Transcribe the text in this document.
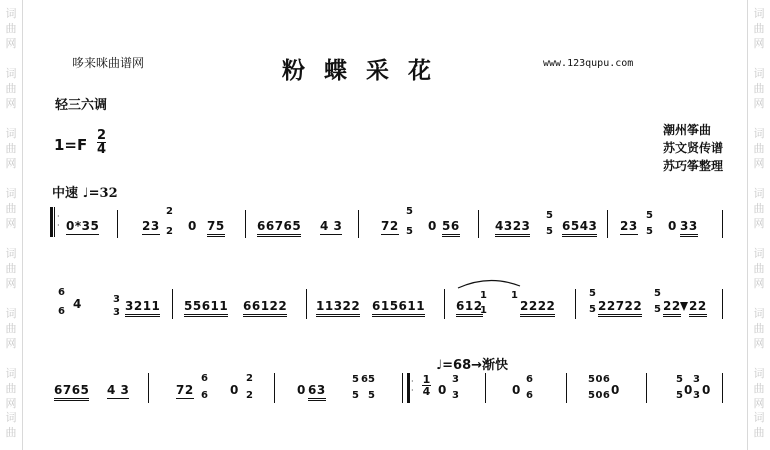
词
曲
网
词
曲
网
词
曲
网
词
曲
网
词
曲
网
词
曲
网
词
曲
网
词
曲
词
曲
网
词
曲
网
词
曲
网
词
曲
网
词
曲
网
词
曲
网
词
曲
网
词
曲
哆来咪曲谱网	粉蝶采花	www.123qupu.com
轻三六调
1=F
2
4
潮州筝曲
苏文贤传谱
苏巧筝整理
中速 ♩=32
·
· 0*35	23
2
2 0 75	66765 4 3	72
5
5 0 56	4323
5
5 6543 23
5
5 0 33
6
6
4	3
3 3211 55611 66122 11322 615611	612
1
1
1
2222
5
5 22722
5
5 22 22
6765 4 3	72
6
6 0
2
2	0 63
5
5
6 5
5
·
·
1
4 0
3
3	0
6
6
506
506 0
5
5 0
3
3 0
♩=68→渐快
